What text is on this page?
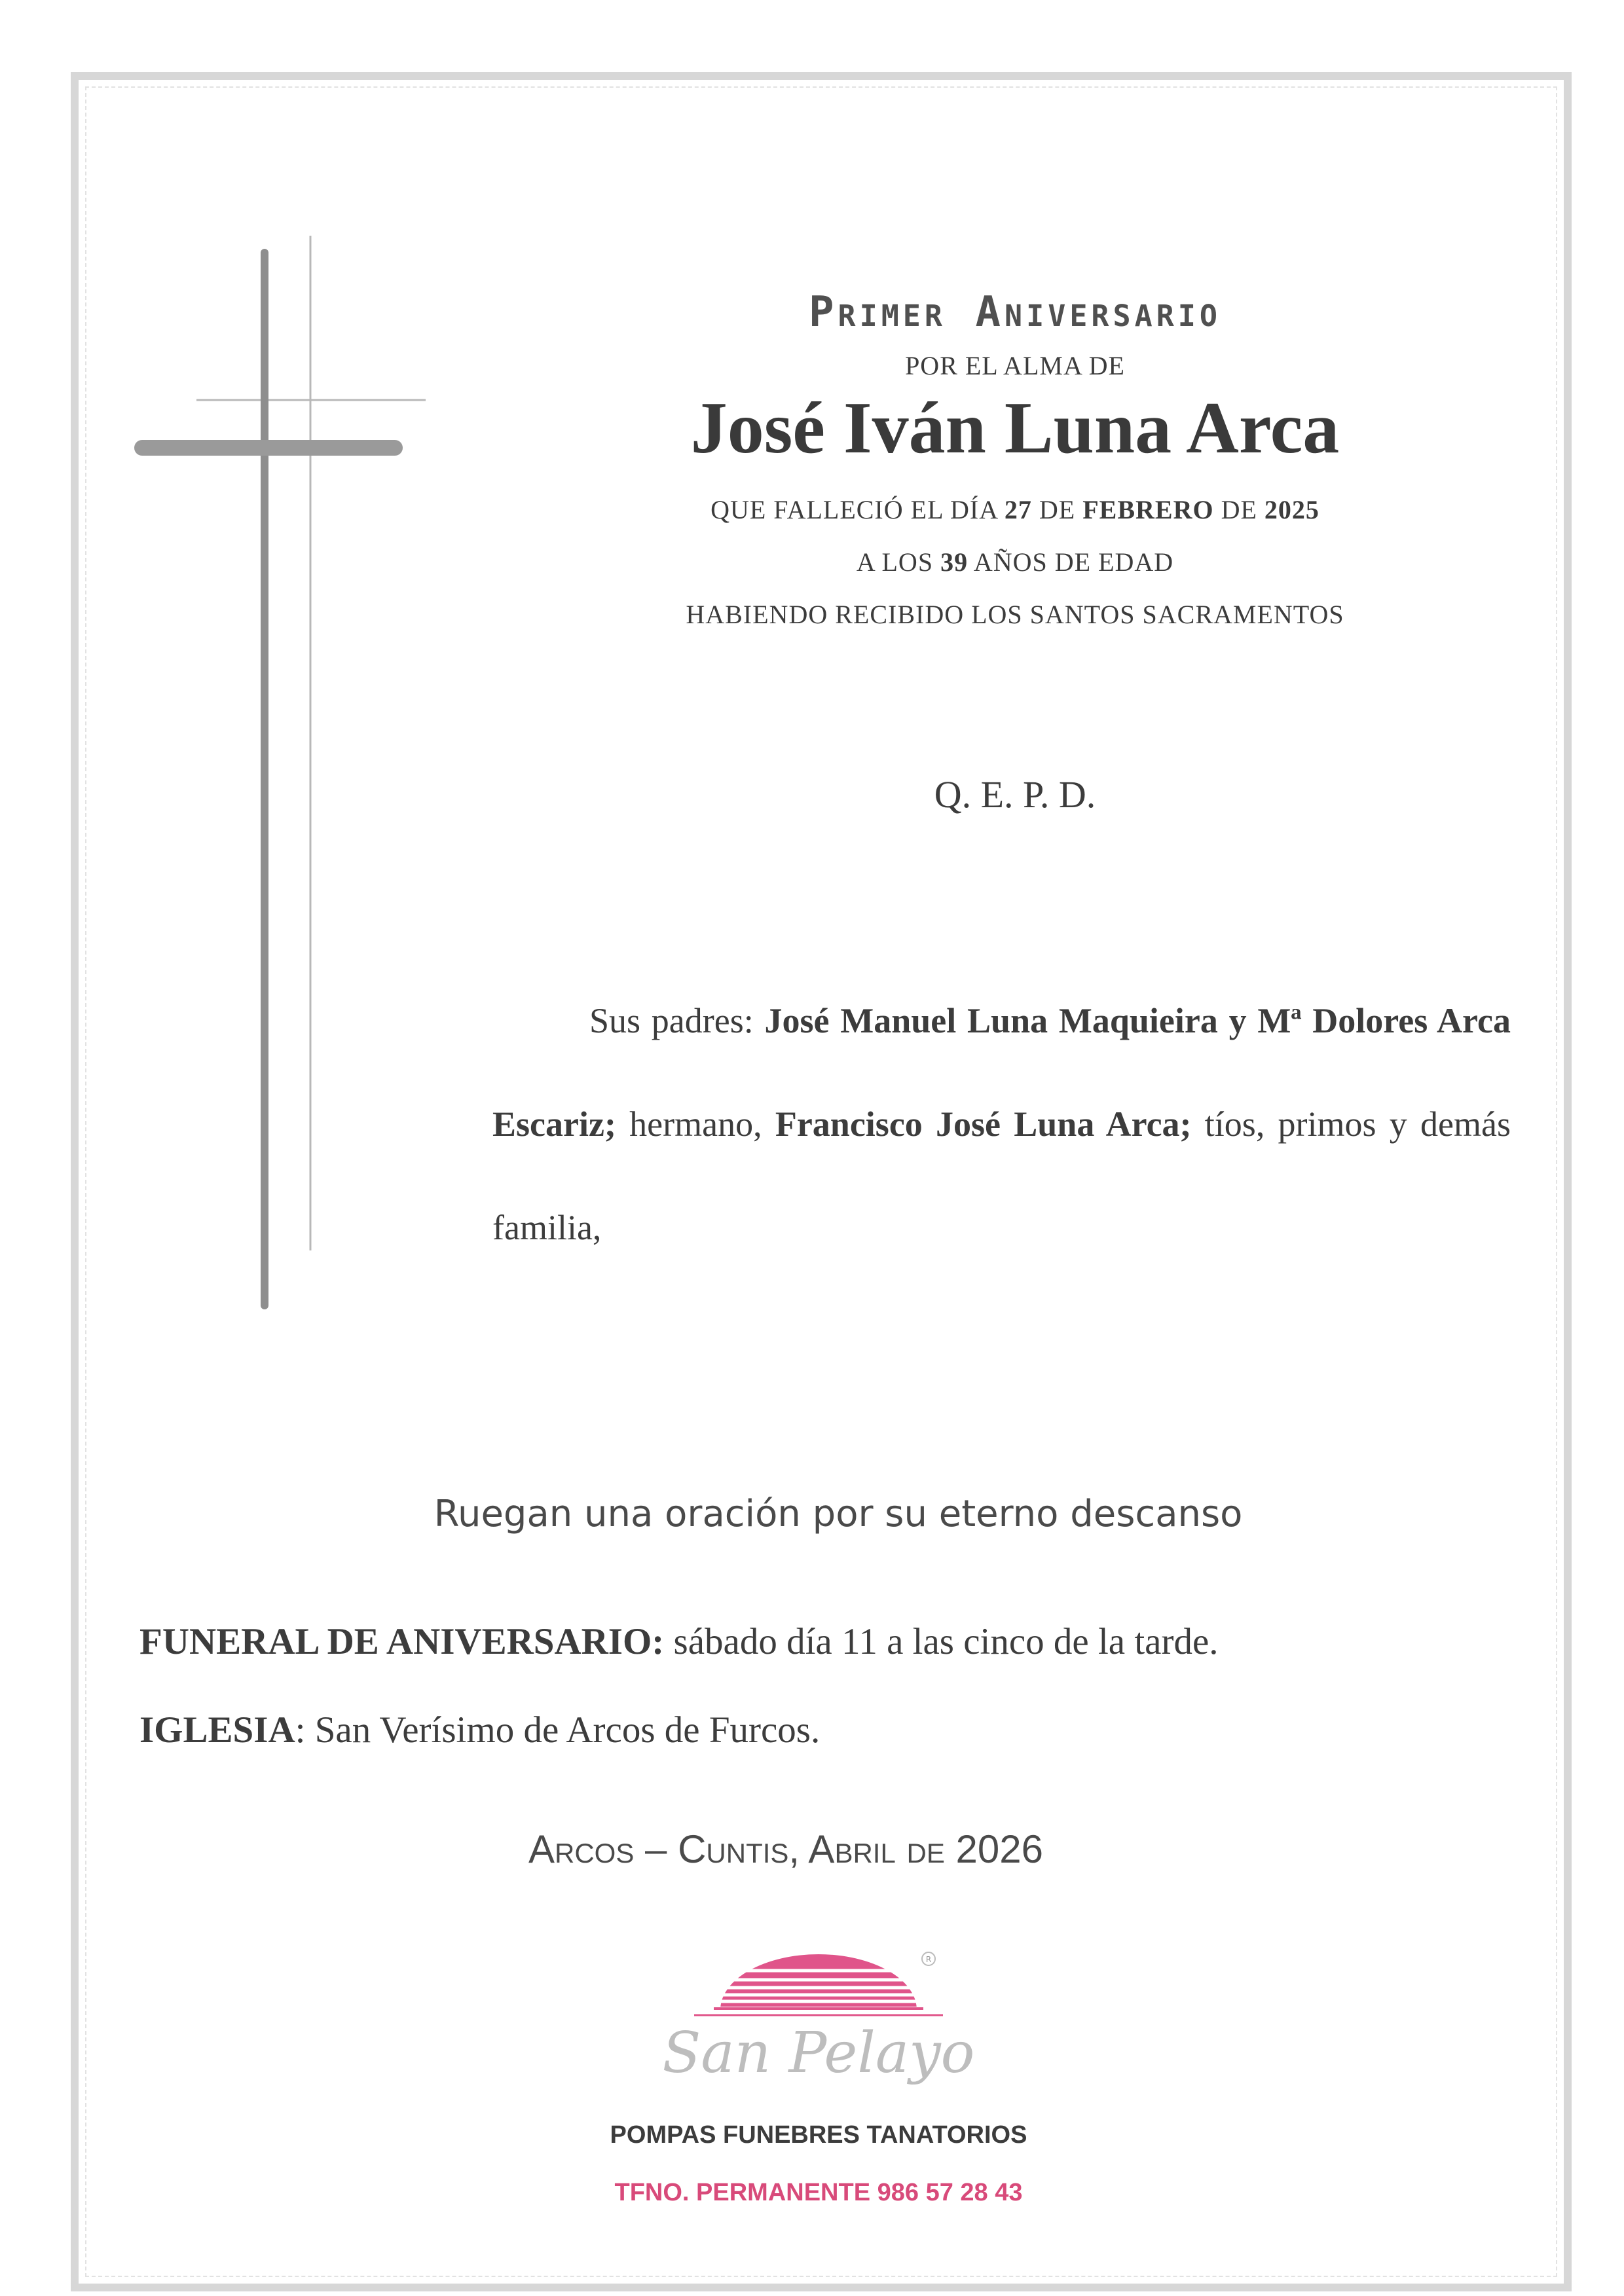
Primer Aniversario
POR EL ALMA DE
José Iván Luna Arca
QUE FALLECIÓ EL DÍA 27 DE FEBRERO DE 2025
A LOS 39 AÑOS DE EDAD
HABIENDO RECIBIDO LOS SANTOS SACRAMENTOS
Q. E. P. D.
Sus padres: José Manuel Luna Maquieira y Mª Dolores Arca Escariz; hermano, Francisco José Luna Arca; tíos, primos y demás familia,
Ruegan una oración por su eterno descanso
FUNERAL DE ANIVERSARIO: sábado día 11 a las cinco de la tarde.
IGLESIA: San Verísimo de Arcos de Furcos.
Arcos – Cuntis, Abril de 2026
R
San Pelayo
POMPAS FUNEBRES TANATORIOS
TFNO. PERMANENTE 986 57 28 43
